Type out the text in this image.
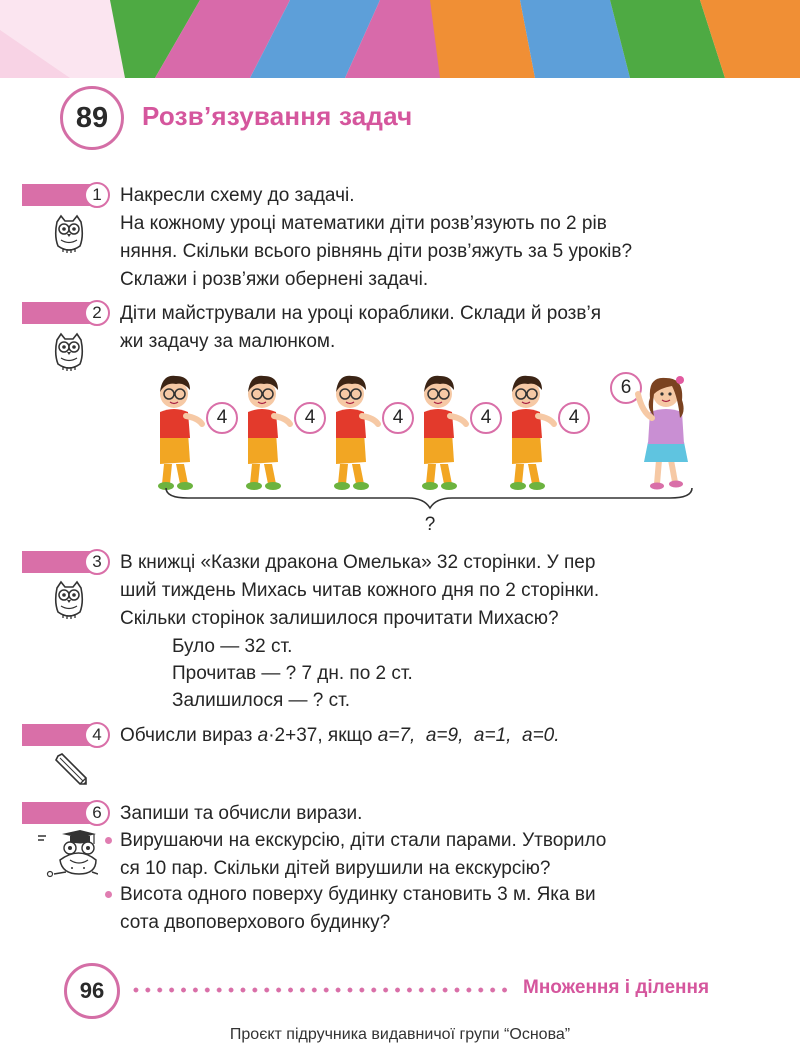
89 Розв’язування задач
1 Накресли схему до задачі.
На кожному уроці математики діти розв’язують по 2 рів
няння. Скільки всього рівнянь діти розв’яжуть за 5 уроків?
Склажи і розв’яжи обернені задачі.
2 Діти майстрували на уроці кораблики. Склади й розв’я
жи задачу за малюнком.
4	4	4	4	4
6
?
3 В книжці «Казки дракона Омелька» 32 сторінки. У пер
ший тиждень Михась читав кожного дня по 2 сторінки.
Скільки сторінок залишилося прочитати Михасю?
Було — 32 ст.
Прочитав — ? 7 дн. по 2 ст.
Залишилося — ? ст.
4 Обчисли вираз a·2+37, якщо a=7, a=9, a=1, a=0.
6 Запиши та обчисли вирази.
Вирушаючи на екскурсію, діти стали парами. Утворило
ся 10 пар. Скільки дітей вирушили на екскурсію?
Висота одного поверху будинку становить 3 м. Яка ви
сота двоповерхового будинку?
96	Множення і ділення
Проєкт підручника видавничої групи “Основа”
